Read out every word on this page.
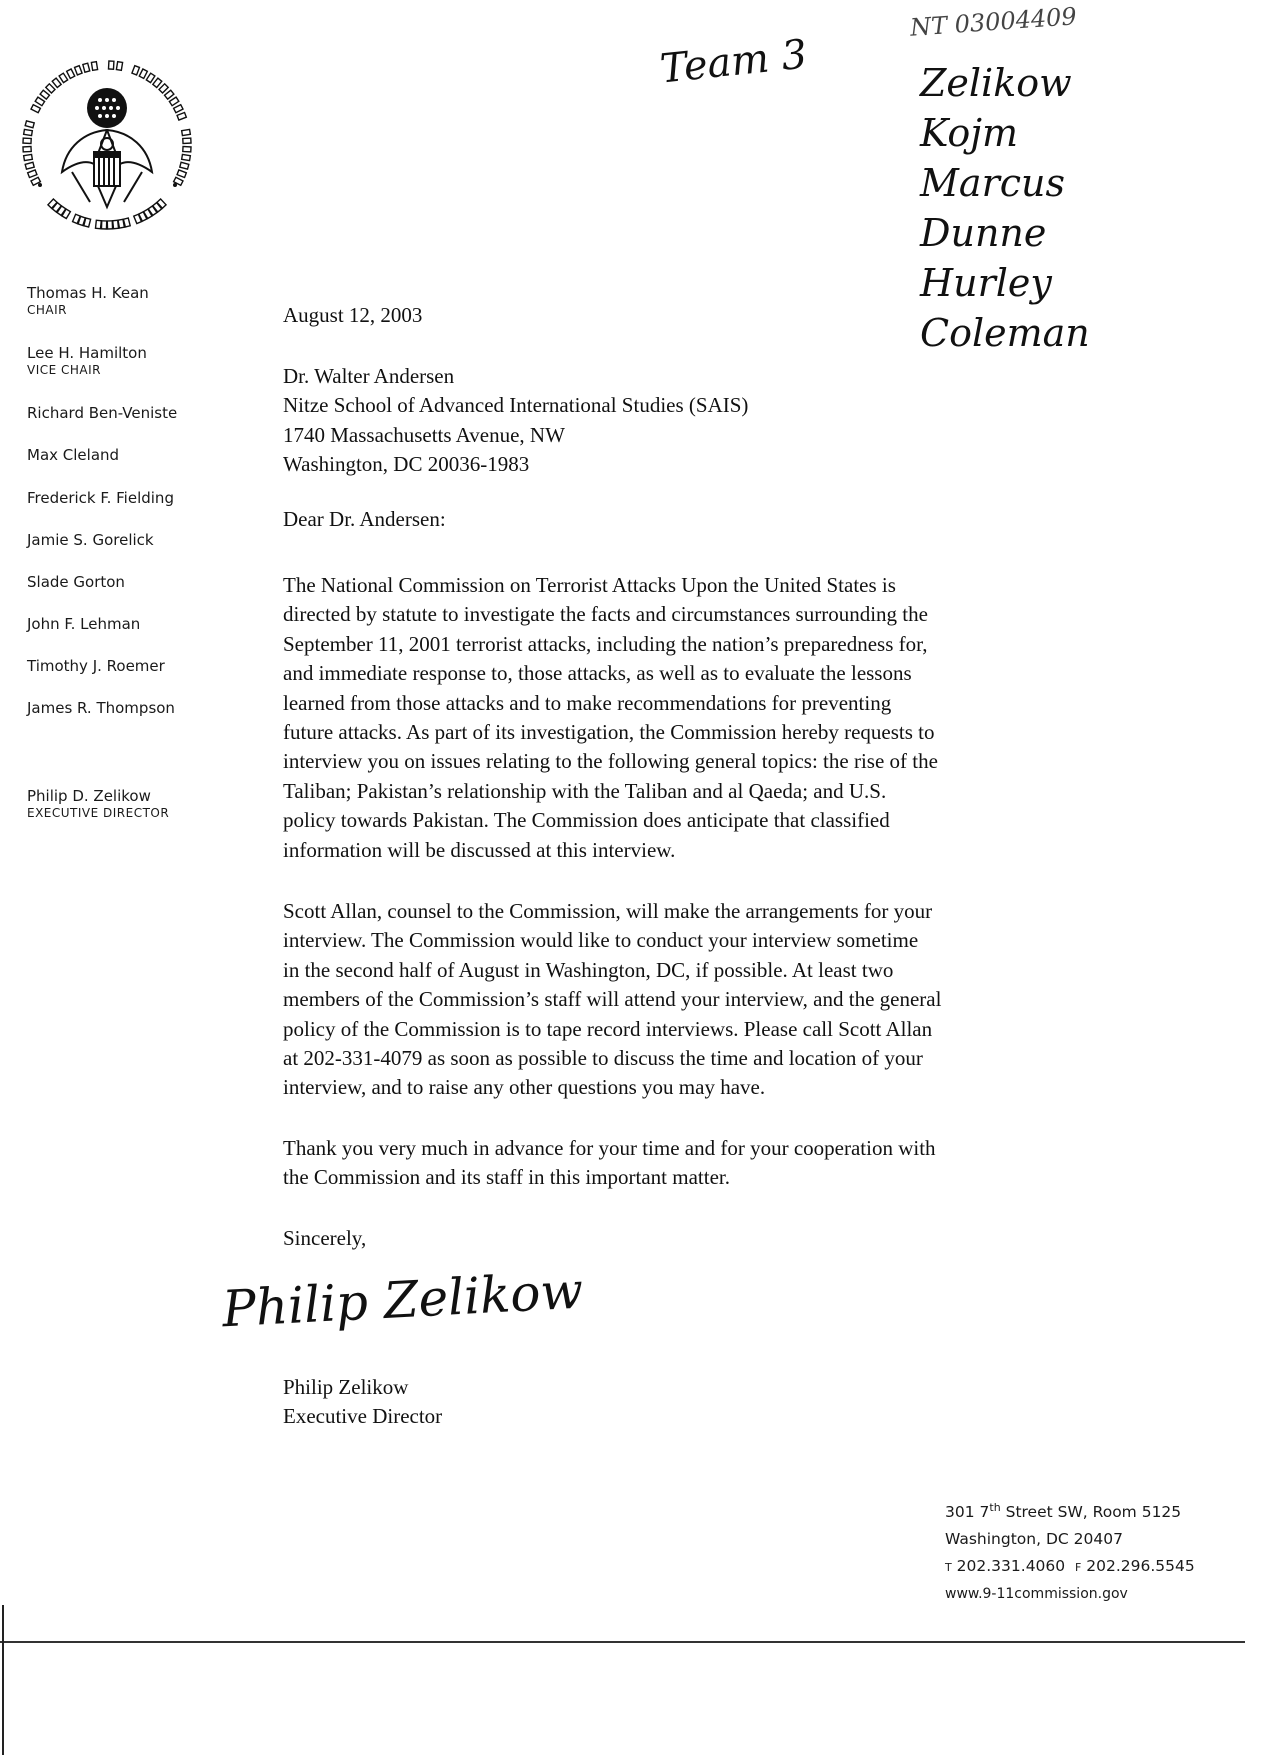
Thomas H. Kean
CHAIR
Lee H. Hamilton
VICE CHAIR
Richard Ben-Veniste
Max Cleland
Frederick F. Fielding
Jamie S. Gorelick
Slade Gorton
John F. Lehman
Timothy J. Roemer
James R. Thompson
Philip D. Zelikow
EXECUTIVE DIRECTOR
Team 3
NT 03004409
Zelikow
Kojm
Marcus
Dunne
Hurley
Coleman
August 12, 2003
Dr. Walter Andersen
Nitze School of Advanced International Studies (SAIS)
1740 Massachusetts Avenue, NW
Washington, DC 20036-1983
Dear Dr. Andersen:
The National Commission on Terrorist Attacks Upon the United States is
directed by statute to investigate the facts and circumstances surrounding the
September 11, 2001 terrorist attacks, including the nation’s preparedness for,
and immediate response to, those attacks, as well as to evaluate the lessons
learned from those attacks and to make recommendations for preventing
future attacks. As part of its investigation, the Commission hereby requests to
interview you on issues relating to the following general topics: the rise of the
Taliban; Pakistan’s relationship with the Taliban and al Qaeda; and U.S.
policy towards Pakistan. The Commission does anticipate that classified
information will be discussed at this interview.
Scott Allan, counsel to the Commission, will make the arrangements for your
interview. The Commission would like to conduct your interview sometime
in the second half of August in Washington, DC, if possible. At least two
members of the Commission’s staff will attend your interview, and the general
policy of the Commission is to tape record interviews. Please call Scott Allan
at 202-331-4079 as soon as possible to discuss the time and location of your
interview, and to raise any other questions you may have.
Thank you very much in advance for your time and for your cooperation with
the Commission and its staff in this important matter.
Sincerely,
Philip Zelikow
Philip Zelikow
Executive Director
301 7th Street SW, Room 5125
Washington, DC 20407
T 202.331.4060 F 202.296.5545
www.9-11commission.gov
